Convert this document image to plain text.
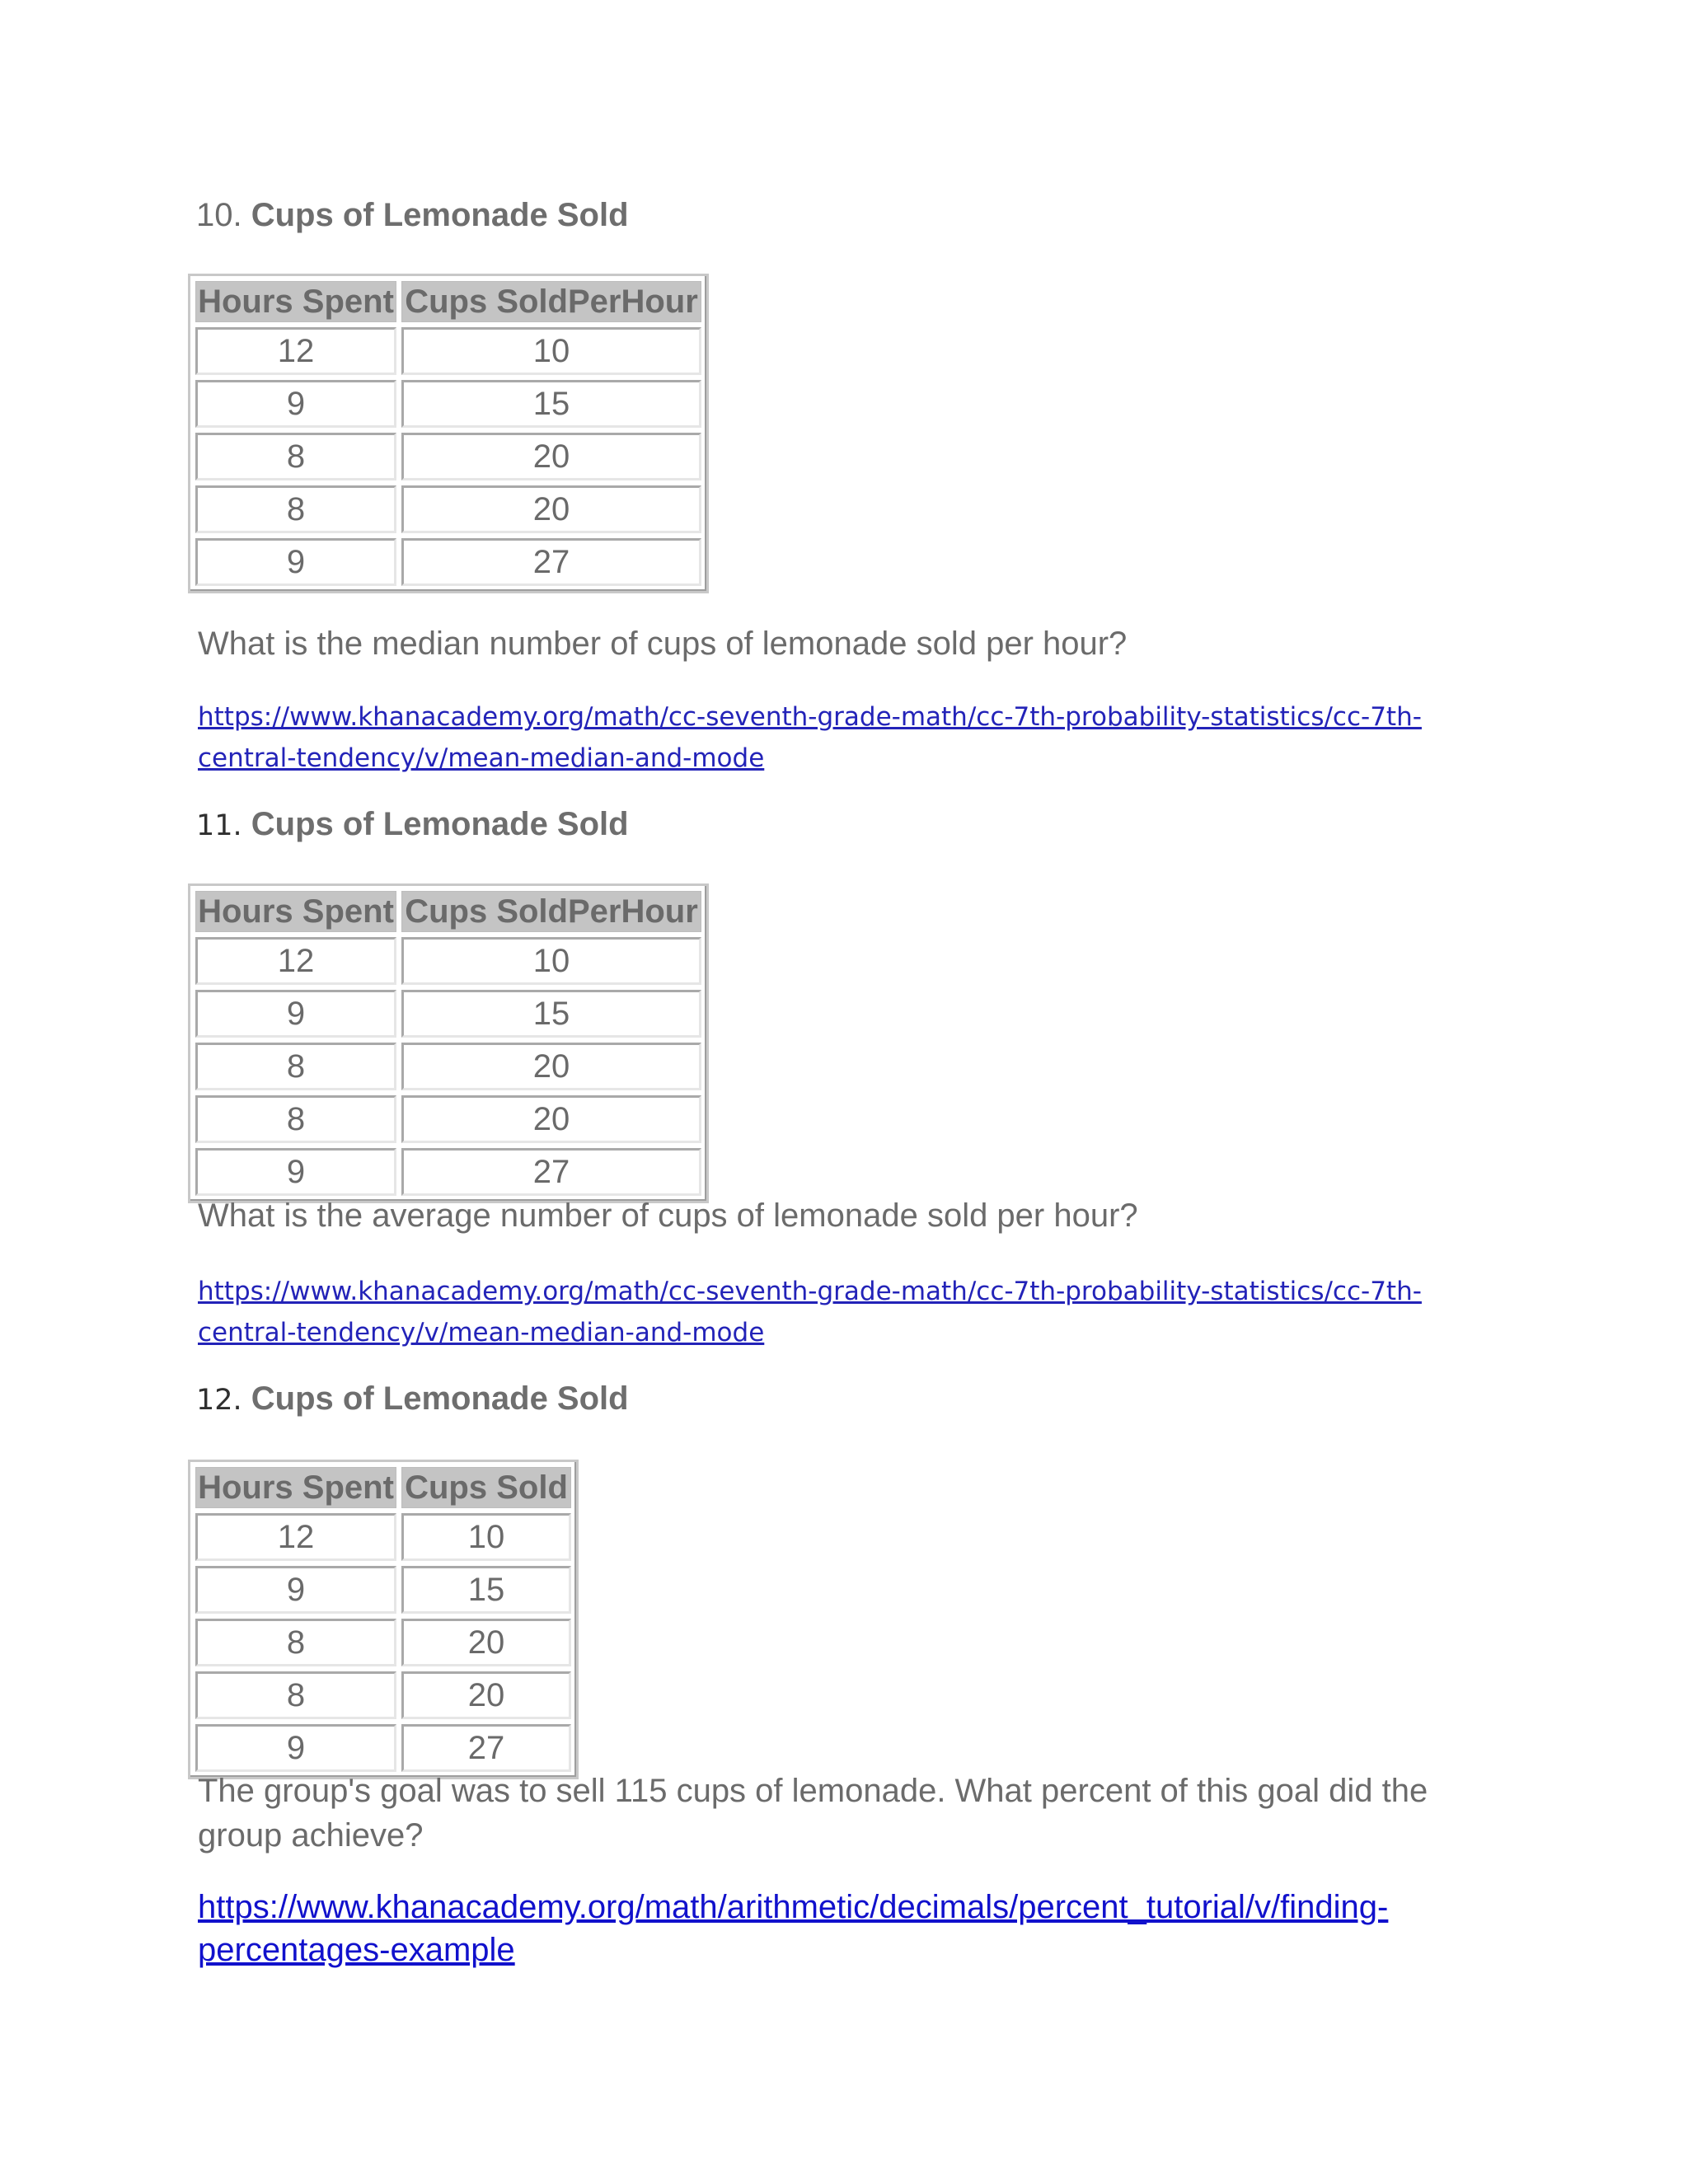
10. Cups of Lemonade Sold
Hours Spent	Cups SoldPerHour
12	10
9	15
8	20
8	20
9	27
What is the median number of cups of lemonade sold per hour?
https://www.khanacademy.org/math/cc-seventh-grade-math/cc-7th-probability-statistics/cc-7th-
central-tendency/v/mean-median-and-mode
11. Cups of Lemonade Sold
Hours Spent	Cups SoldPerHour
12	10
9	15
8	20
8	20
9	27
What is the average number of cups of lemonade sold per hour?
https://www.khanacademy.org/math/cc-seventh-grade-math/cc-7th-probability-statistics/cc-7th-
central-tendency/v/mean-median-and-mode
12. Cups of Lemonade Sold
Hours Spent	Cups Sold
12	10
9	15
8	20
8	20
9	27
The group's goal was to sell 115 cups of lemonade. What percent of this goal did the
group achieve?
https://www.khanacademy.org/math/arithmetic/decimals/percent_tutorial/v/finding-
percentages-example
